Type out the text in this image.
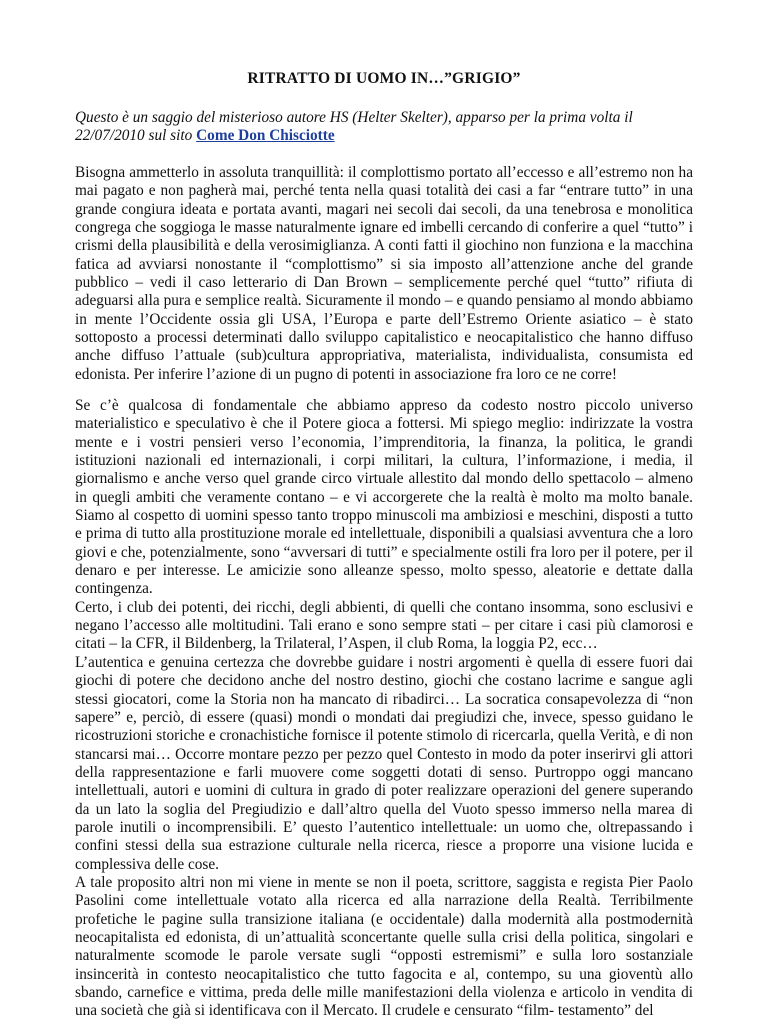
RITRATTO DI UOMO IN…”GRIGIO”

Questo è un saggio del misterioso autore HS (Helter Skelter), apparso per la prima volta il 22/07/2010 sul sito Come Don Chisciotte

Bisogna ammetterlo in assoluta tranquillità: il complottismo portato all’eccesso e all’estremo non ha mai pagato e non pagherà mai, perché tenta nella quasi totalità dei casi a far “entrare tutto” in una grande congiura ideata e portata avanti, magari nei secoli dai secoli, da una tenebrosa e monolitica congrega che soggioga le masse naturalmente ignare ed imbelli cercando di conferire a quel “tutto” i crismi della plausibilità e della verosimiglianza. A conti fatti il giochino non funziona e la macchina fatica ad avviarsi nonostante il “complottismo” si sia imposto all’attenzione anche del grande pubblico – vedi il caso letterario di Dan Brown – semplicemente perché quel “tutto” rifiuta di adeguarsi alla pura e semplice realtà. Sicuramente il mondo – e quando pensiamo al mondo abbiamo in mente l’Occidente ossia gli USA, l’Europa e parte dell’Estremo Oriente asiatico – è stato sottoposto a processi determinati dallo sviluppo capitalistico e neocapitalistico che hanno diffuso anche diffuso l’attuale (sub)cultura appropriativa, materialista, individualista, consumista ed edonista. Per inferire l’azione di un pugno di potenti in associazione fra loro ce ne corre!

Se c’è qualcosa di fondamentale che abbiamo appreso da codesto nostro piccolo universo materialistico e speculativo è che il Potere gioca a fottersi. Mi spiego meglio: indirizzate la vostra mente e i vostri pensieri verso l’economia, l’imprenditoria, la finanza, la politica, le grandi istituzioni nazionali ed internazionali, i corpi militari, la cultura, l’informazione, i media, il giornalismo e anche verso quel grande circo virtuale allestito dal mondo dello spettacolo – almeno in quegli ambiti che veramente contano – e vi accorgerete che la realtà è molto ma molto banale. Siamo al cospetto di uomini spesso tanto troppo minuscoli ma ambiziosi e meschini, disposti a tutto e prima di tutto alla prostituzione morale ed intellettuale, disponibili a qualsiasi avventura che a loro giovi e che, potenzialmente, sono “avversari di tutti” e specialmente ostili fra loro per il potere, per il denaro e per interesse. Le amicizie sono alleanze spesso, molto spesso, aleatorie e dettate dalla contingenza.

Certo, i club dei potenti, dei ricchi, degli abbienti, di quelli che contano insomma, sono esclusivi e negano l’accesso alle moltitudini. Tali erano e sono sempre stati – per citare i casi più clamorosi e citati – la CFR, il Bildenberg, la Trilateral, l’Aspen, il club Roma, la loggia P2, ecc…

L’autentica e genuina certezza che dovrebbe guidare i nostri argomenti è quella di essere fuori dai giochi di potere che decidono anche del nostro destino, giochi che costano lacrime e sangue agli stessi giocatori, come la Storia non ha mancato di ribadirci… La socratica consapevolezza di “non sapere” e, perciò, di essere (quasi) mondi o mondati dai pregiudizi che, invece, spesso guidano le ricostruzioni storiche e cronachistiche fornisce il potente stimolo di ricercarla, quella Verità, e di non stancarsi mai… Occorre montare pezzo per pezzo quel Contesto in modo da poter inserirvi gli attori della rappresentazione e farli muovere come soggetti dotati di senso. Purtroppo oggi mancano intellettuali, autori e uomini di cultura in grado di poter realizzare operazioni del genere superando da un lato la soglia del Pregiudizio e dall’altro quella del Vuoto spesso immerso nella marea di parole inutili o incomprensibili. E’ questo l’autentico intellettuale: un uomo che, oltrepassando i confini stessi della sua estrazione culturale nella ricerca, riesce a proporre una visione lucida e complessiva delle cose.

A tale proposito altri non mi viene in mente se non il poeta, scrittore, saggista e regista Pier Paolo Pasolini come intellettuale votato alla ricerca ed alla narrazione della Realtà. Terribilmente profetiche le pagine sulla transizione italiana (e occidentale) dalla modernità alla postmodernità neocapitalista ed edonista, di un’attualità sconcertante quelle sulla crisi della politica, singolari e naturalmente scomode le parole versate sugli “opposti estremismi” e sulla loro sostanziale insincerità in contesto neocapitalistico che tutto fagocita e al, contempo, su una gioventù allo sbando, carnefice e vittima, preda delle mille manifestazioni della violenza e articolo in vendita di una società che già si identificava con il Mercato. Il crudele e censurato “film- testamento” del
